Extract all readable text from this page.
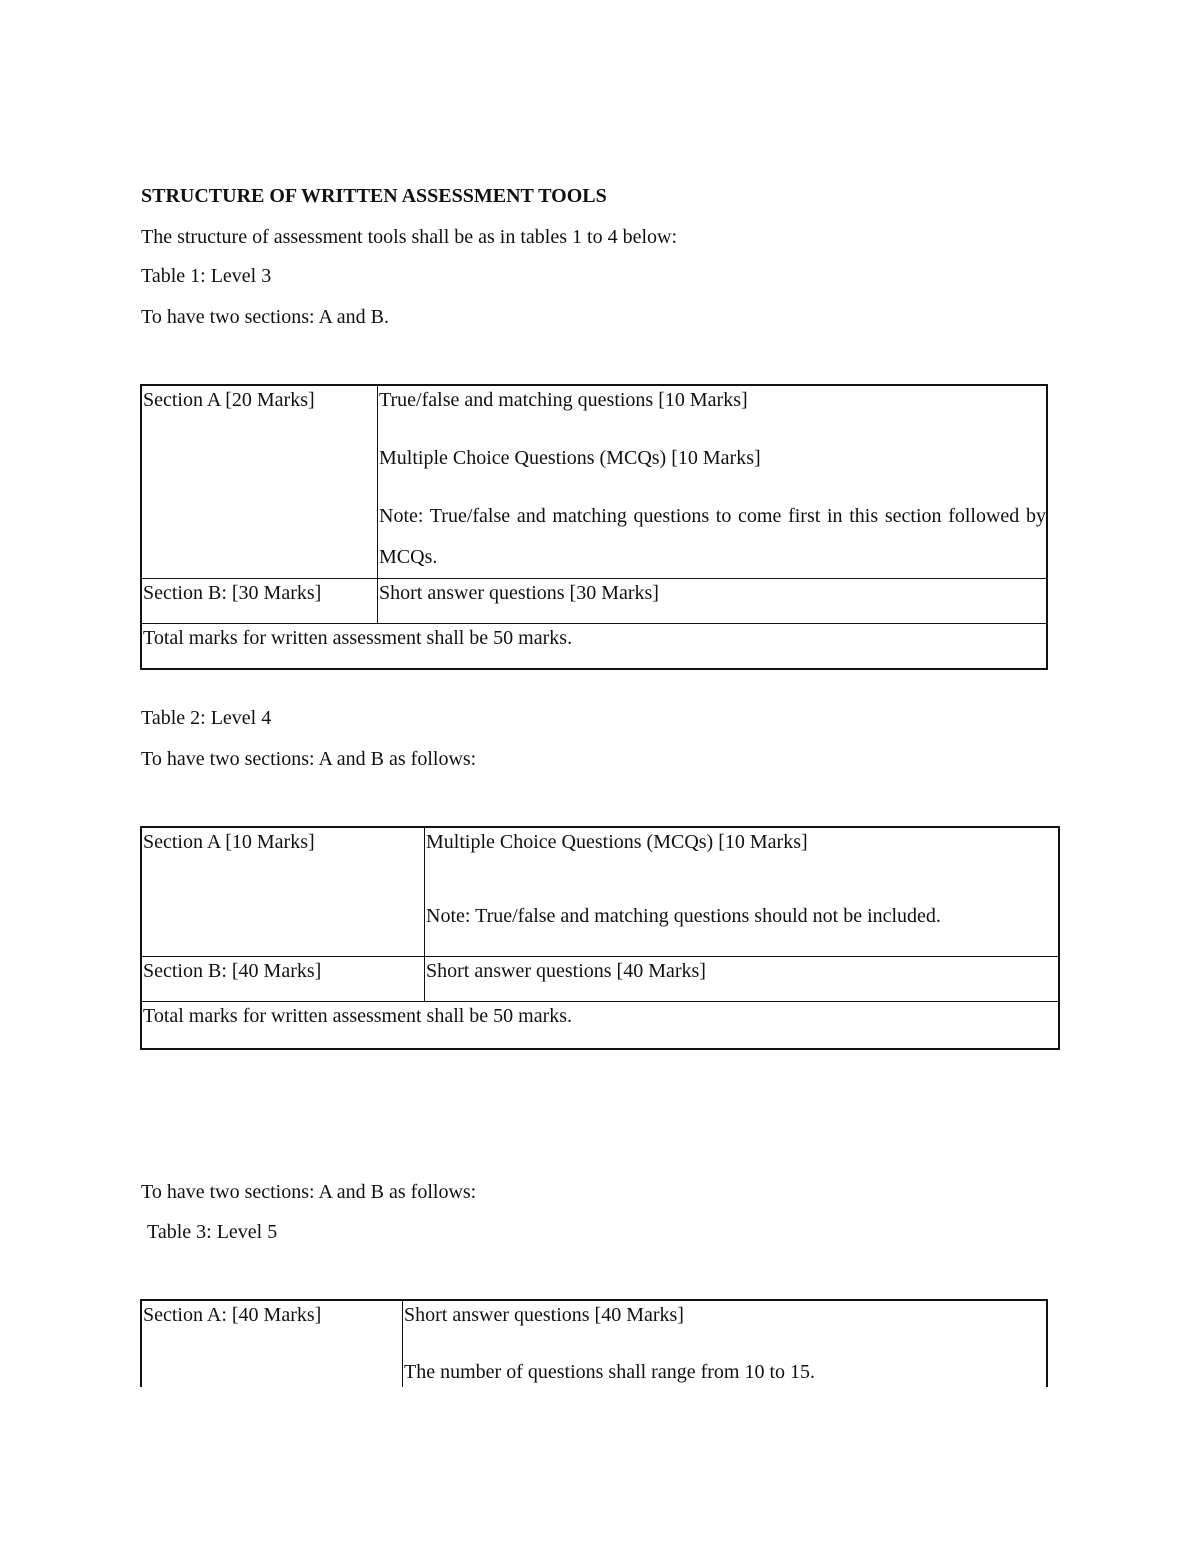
STRUCTURE OF WRITTEN ASSESSMENT TOOLS
The structure of assessment tools shall be as in tables 1 to 4 below:
Table 1: Level 3
To have two sections: A and B.
Section A [20 Marks]	True/false and matching questions [10 Marks]
Multiple Choice Questions (MCQs) [10 Marks]
Note: True/false and matching questions to come first in this section followed by MCQs.

Section B: [30 Marks]	Short answer questions [30 Marks]

Total marks for written assessment shall be 50 marks.	
Table 2: Level 4
To have two sections: A and B as follows:
Section A [10 Marks]	Multiple Choice Questions (MCQs) [10 Marks]
Note: True/false and matching questions should not be included.

Section B: [40 Marks]	Short answer questions [40 Marks]

Total marks for written assessment shall be 50 marks.	
To have two sections: A and B as follows:
Table 3: Level 5
Section A: [40 Marks]	Short answer questions [40 Marks]
The number of questions shall range from 10 to 15.
